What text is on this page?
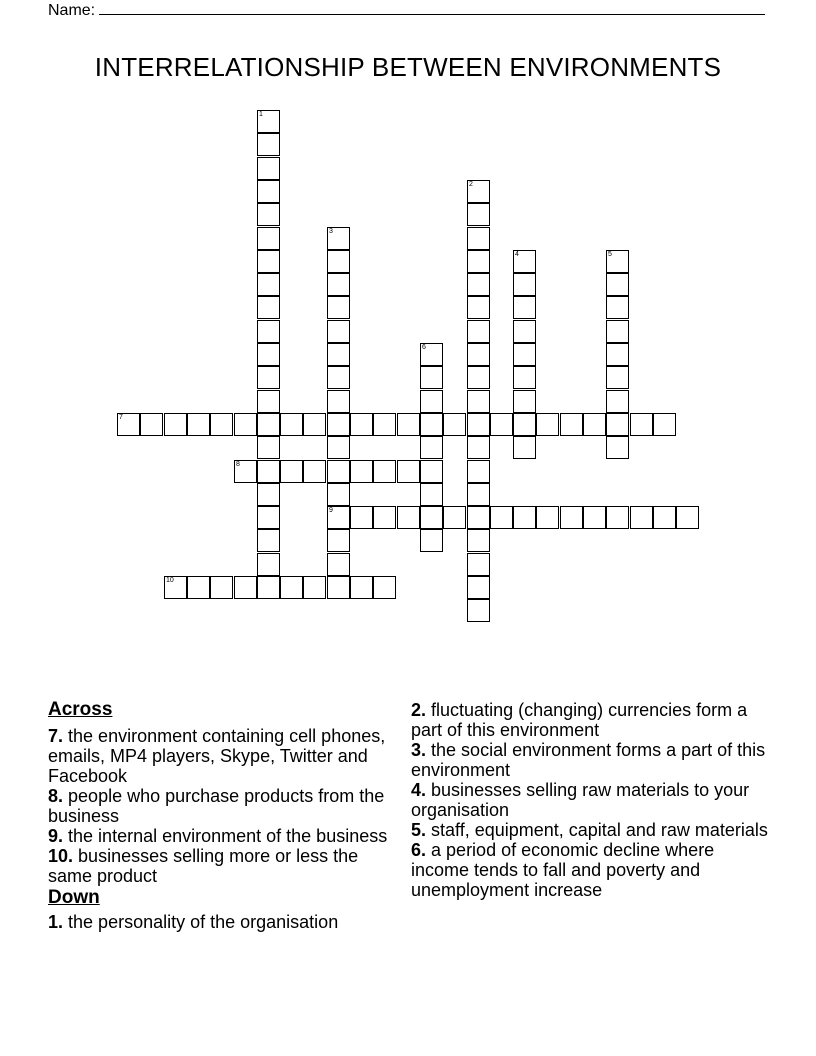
Name:
INTERRELATIONSHIP BETWEEN ENVIRONMENTS
1
2
3
9
4	5
6
7
8
10
Across
7. the environment containing cell phones, emails, MP4 players, Skype, Twitter and Facebook
8. people who purchase products from the business
9. the internal environment of the business
10. businesses selling more or less the same product
Down
1. the personality of the organisation
2. fluctuating (changing) currencies form a part of this environment
3. the social environment forms a part of this environment
4. businesses selling raw materials to your organisation
5. staff, equipment, capital and raw materials
6. a period of economic decline where income tends to fall and poverty and unemployment increase
